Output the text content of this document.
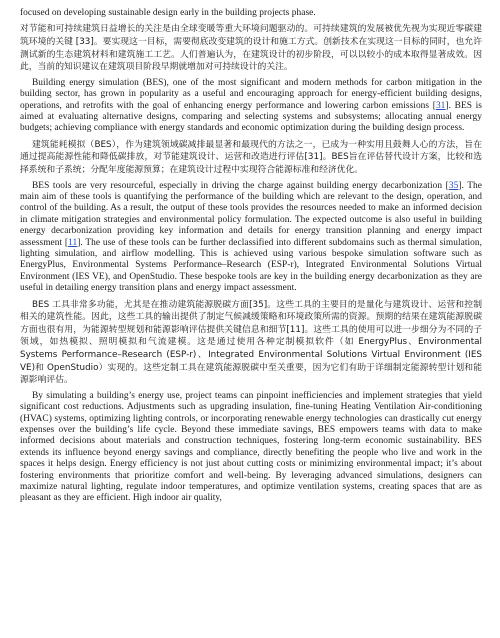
focused on developing sustainable design early in the building projects phase.

对节能和可持续建筑日益增长的关注是由全球变暖等重大环境问题驱动的。可持续建筑的发展被优先视为实现近零碳建筑环境的关键 [33]。要实现这一目标，需要彻底改变建筑的设计和施工方式。创新技术在实现这一目标的同时，也允许测试新的生态建筑材料和建筑施工工艺。人们普遍认为，在建筑设计的初步阶段，可以以较小的成本取得显著成效。因此，当前的知识建议在建筑项目阶段早期就增加对可持续设计的关注。

Building energy simulation (BES), one of the most significant and modern methods for carbon mitigation in the building sector, has grown in popularity as a useful and encouraging approach for energy-efficient building designs, operations, and retrofits with the goal of enhancing energy performance and lowering carbon emissions [31]. BES is aimed at evaluating alternative designs, comparing and selecting systems and subsystems; allocating annual energy budgets; achieving compliance with energy standards and economic optimization during the building design process.

建筑能耗模拟（BES），作为建筑领域碳减排最显著和最现代的方法之一，已成为一种实用且鼓舞人心的方法，旨在通过提高能源性能和降低碳排放，对节能建筑设计、运营和改造进行评估[31]。BES旨在评估替代设计方案，比较和选择系统和子系统；分配年度能源预算；在建筑设计过程中实现符合能源标准和经济优化。

BES tools are very resourceful, especially in driving the charge against building energy decarbonization [35]. The main aim of these tools is quantifying the performance of the building which are relevant to the design, operation, and control of the building. As a result, the output of these tools provides the resources needed to make an informed decision in climate mitigation strategies and environmental policy formulation. The expected outcome is also useful in building energy decarbonization providing key information and details for energy transition planning and energy impact assessment [11]. The use of these tools can be further declassified into different subdomains such as thermal simulation, lighting simulation, and airflow modelling. This is achieved using various bespoke simulation software such as EnergyPlus, Environmental Systems Performance–Research (ESP-r), Integrated Environmental Solutions Virtual Environment (IES VE), and OpenStudio. These bespoke tools are key in the building energy decarbonization as they are useful in detailing energy transition plans and energy impact assessment.

BES 工具非常多功能，尤其是在推动建筑能源脱碳方面[35]。这些工具的主要目的是量化与建筑设计、运营和控制相关的建筑性能。因此，这些工具的输出提供了制定气候减缓策略和环境政策所需的资源。预期的结果在建筑能源脱碳方面也很有用，为能源转型规划和能源影响评估提供关键信息和细节[11]。这些工具的使用可以进一步细分为不同的子领域，如热模拟、照明模拟和气流建模。这是通过使用各种定制模拟软件（如 EnergyPlus、Environmental Systems Performance–Research (ESP-r)、Integrated Environmental Solutions Virtual Environment (IES VE)和 OpenStudio）实现的。这些定制工具在建筑能源脱碳中至关重要，因为它们有助于详细制定能源转型计划和能源影响评估。

By simulating a building’s energy use, project teams can pinpoint inefficiencies and implement strategies that yield significant cost reductions. Adjustments such as upgrading insulation, fine-tuning Heating Ventilation Air-conditioning (HVAC) systems, optimizing lighting controls, or incorporating renewable energy technologies can drastically cut energy expenses over the building’s life cycle. Beyond these immediate savings, BES empowers teams with data to make informed decisions about materials and construction techniques, fostering long-term economic sustainability. BES extends its influence beyond energy savings and compliance, directly benefiting the people who live and work in the spaces it helps design. Energy efficiency is not just about cutting costs or minimizing environmental impact; it’s about fostering environments that prioritize comfort and well-being. By leveraging advanced simulations, designers can maximize natural lighting, regulate indoor temperatures, and optimize ventilation systems, creating spaces that are as pleasant as they are efficient. High indoor air quality,
